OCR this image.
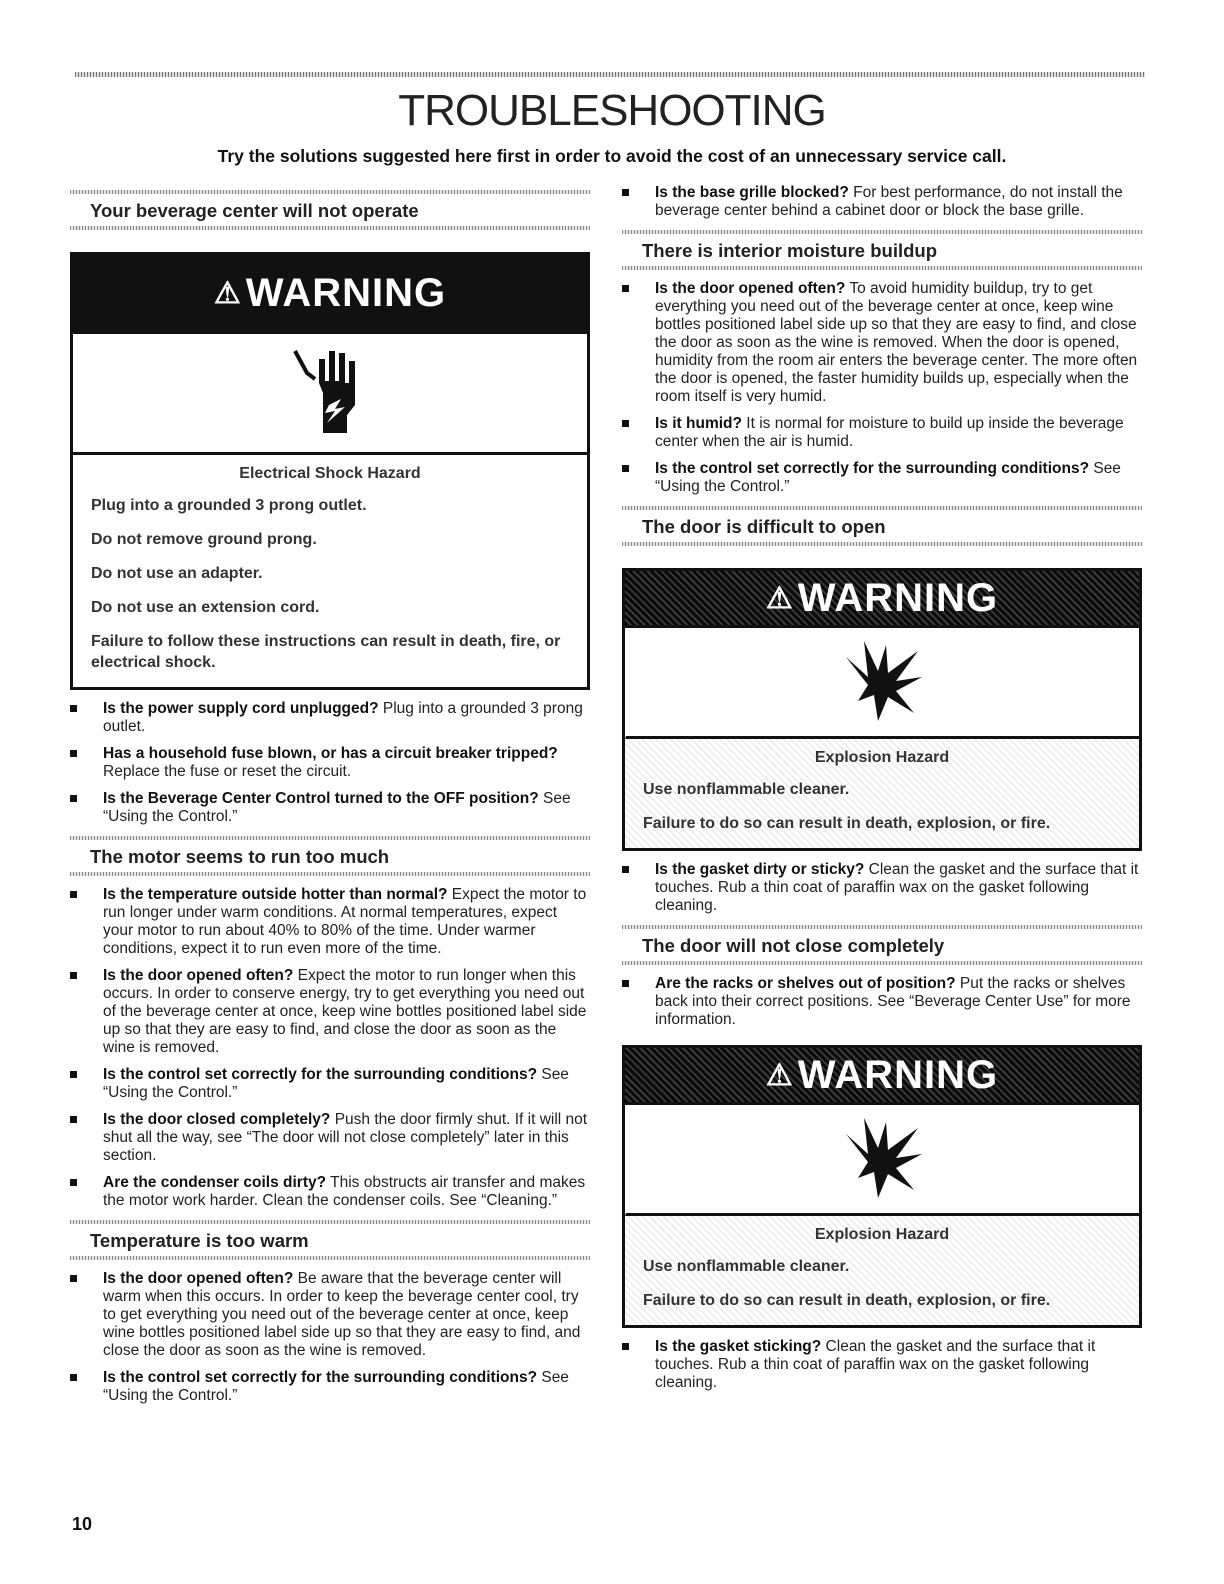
TROUBLESHOOTING
Try the solutions suggested here first in order to avoid the cost of an unnecessary service call.
Your beverage center will not operate
⚠ WARNING
Electrical Shock Hazard

Plug into a grounded 3 prong outlet.

Do not remove ground prong.

Do not use an adapter.

Do not use an extension cord.

Failure to follow these instructions can result in death, fire, or electrical shock.

Is the power supply cord unplugged? Plug into a grounded 3 prong outlet.
Has a household fuse blown, or has a circuit breaker tripped? Replace the fuse or reset the circuit.
Is the Beverage Center Control turned to the OFF position? See “Using the Control.”
The motor seems to run too much
Is the temperature outside hotter than normal? Expect the motor to run longer under warm conditions. At normal temperatures, expect your motor to run about 40% to 80% of the time. Under warmer conditions, expect it to run even more of the time.
Is the door opened often? Expect the motor to run longer when this occurs. In order to conserve energy, try to get everything you need out of the beverage center at once, keep wine bottles positioned label side up so that they are easy to find, and close the door as soon as the wine is removed.
Is the control set correctly for the surrounding conditions? See “Using the Control.”
Is the door closed completely? Push the door firmly shut. If it will not shut all the way, see “The door will not close completely” later in this section.
Are the condenser coils dirty? This obstructs air transfer and makes the motor work harder. Clean the condenser coils. See “Cleaning.”
Temperature is too warm
Is the door opened often? Be aware that the beverage center will warm when this occurs. In order to keep the beverage center cool, try to get everything you need out of the beverage center at once, keep wine bottles positioned label side up so that they are easy to find, and close the door as soon as the wine is removed.
Is the control set correctly for the surrounding conditions? See “Using the Control.”
Is the base grille blocked? For best performance, do not install the beverage center behind a cabinet door or block the base grille.
There is interior moisture buildup
Is the door opened often? To avoid humidity buildup, try to get everything you need out of the beverage center at once, keep wine bottles positioned label side up so that they are easy to find, and close the door as soon as the wine is removed. When the door is opened, humidity from the room air enters the beverage center. The more often the door is opened, the faster humidity builds up, especially when the room itself is very humid.
Is it humid? It is normal for moisture to build up inside the beverage center when the air is humid.
Is the control set correctly for the surrounding conditions? See “Using the Control.”
The door is difficult to open
⚠ WARNING
Explosion Hazard

Use nonflammable cleaner.

Failure to do so can result in death, explosion, or fire.

Is the gasket dirty or sticky? Clean the gasket and the surface that it touches. Rub a thin coat of paraffin wax on the gasket following cleaning.
The door will not close completely
Are the racks or shelves out of position? Put the racks or shelves back into their correct positions. See “Beverage Center Use” for more information.
⚠ WARNING
Explosion Hazard

Use nonflammable cleaner.

Failure to do so can result in death, explosion, or fire.

Is the gasket sticking? Clean the gasket and the surface that it touches. Rub a thin coat of paraffin wax on the gasket following cleaning.
10
